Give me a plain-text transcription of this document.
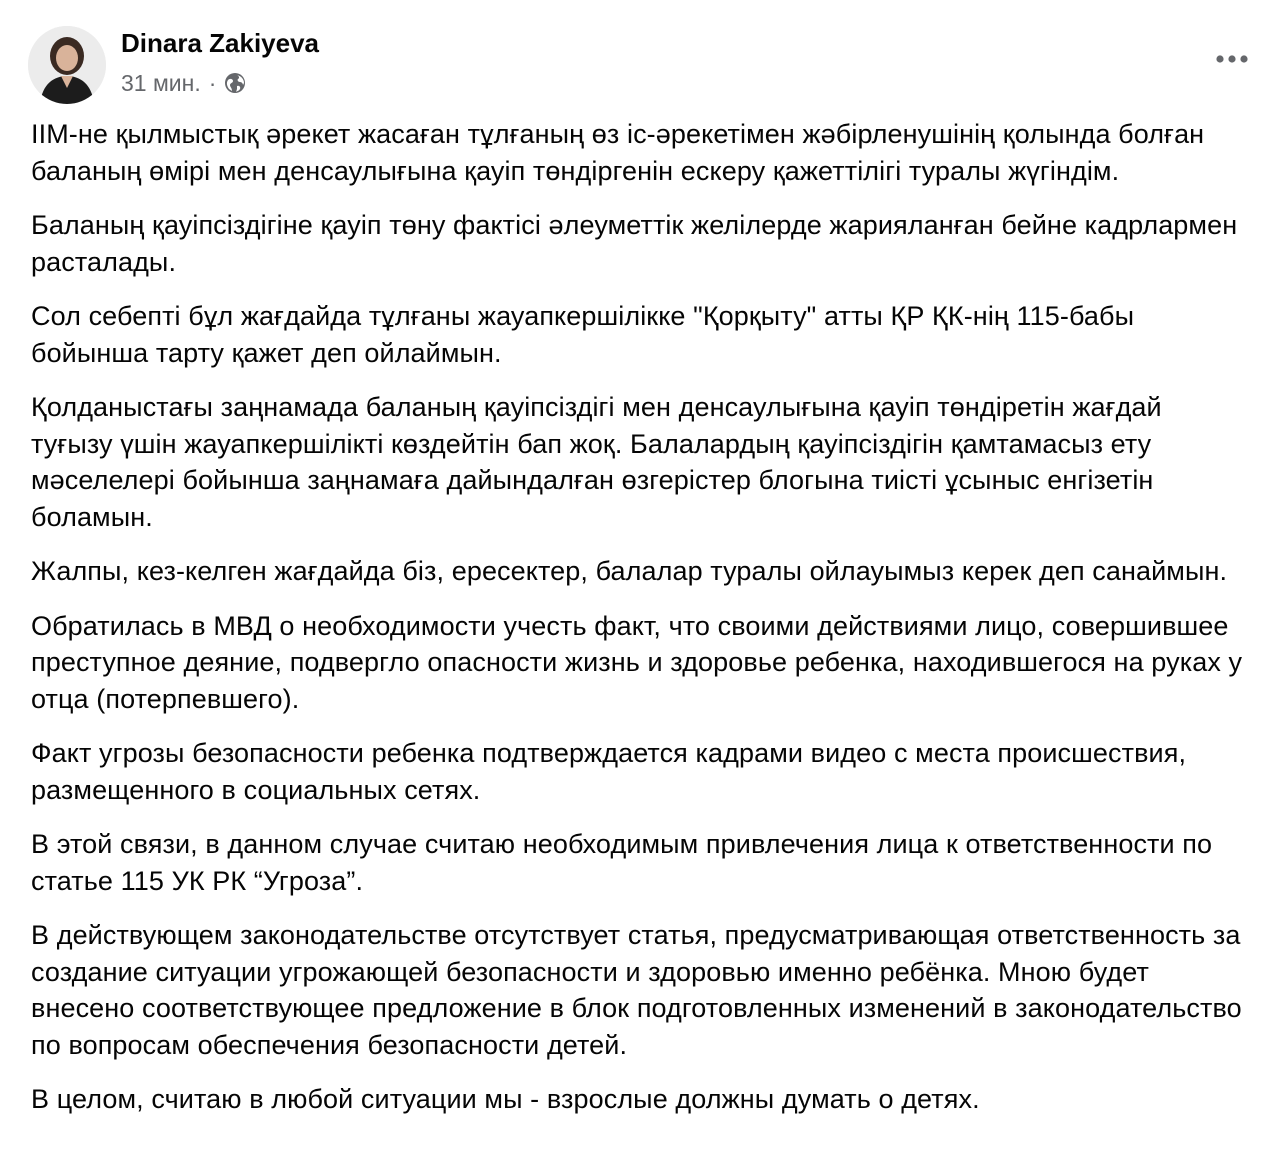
Dinara Zakiyeva
31 мин. ·

ІІМ-не қылмыстық әрекет жасаған тұлғаның өз іс-әрекетімен жәбірленушінің қолында болған баланың өмірі мен денсаулығына қауіп төндіргенін ескеру қажеттілігі туралы жүгіндім.

Баланың қауіпсіздігіне қауіп төну фактісі әлеуметтік желілерде жарияланған бейне кадрлармен расталады.

Сол себепті бұл жағдайда тұлғаны жауапкершілікке "Қорқыту" атты ҚР ҚК-нің 115-бабы бойынша тарту қажет деп ойлаймын.

Қолданыстағы заңнамада баланың қауіпсіздігі мен денсаулығына қауіп төндіретін жағдай туғызу үшін жауапкершілікті көздейтін бап жоқ. Балалардың қауіпсіздігін қамтамасыз ету мәселелері бойынша заңнамаға дайындалған өзгерістер блогына тиісті ұсыныс енгізетін боламын.

Жалпы, кез-келген жағдайда біз, ересектер, балалар туралы ойлауымыз керек деп санаймын.

Обратилась в МВД о необходимости учесть факт, что своими действиями лицо, совершившее преступное деяние, подвергло опасности жизнь и здоровье ребенка, находившегося на руках у отца (потерпевшего).

Факт угрозы безопасности ребенка подтверждается кадрами видео с места происшествия, размещенного в социальных сетях.

В этой связи, в данном случае считаю необходимым привлечения лица к ответственности по статье 115 УК РК “Угроза”.

В действующем законодательстве отсутствует статья, предусматривающая ответственность за создание ситуации угрожающей безопасности и здоровью именно ребёнка. Мною будет внесено соответствующее предложение в блок подготовленных изменений в законодательство по вопросам обеспечения безопасности детей.

В целом, считаю в любой ситуации мы - взрослые должны думать о детях.
